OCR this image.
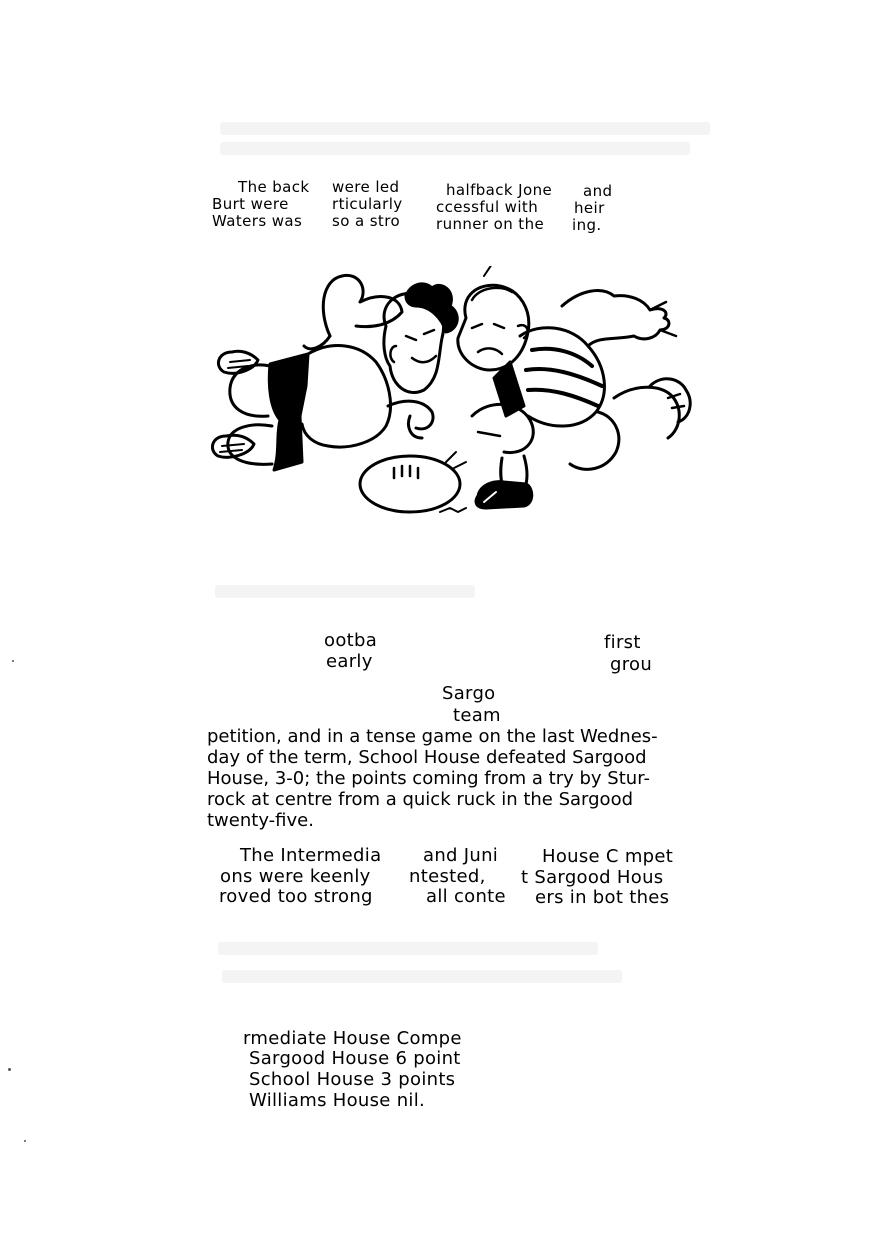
The back
Burt were
Waters was
were led
rticularly
so a stro
halfback Jone
ccessful with
runner on the
and
heir
ing.
ootba
early
first
grou
Sargo
team
petition, and in a tense game on the last Wednes-
day of the term, School House defeated Sargood
House, 3-0; the points coming from a try by Stur-
rock at centre from a quick ruck in the Sargood
twenty-five.
The Intermedia
ons were keenly
roved too strong
and Juni
ntested,
all conte
House C mpet
t Sargood Hous
ers in bot thes
rmediate House Compe
Sargood House 6 point
School House 3 points
Williams House nil.
